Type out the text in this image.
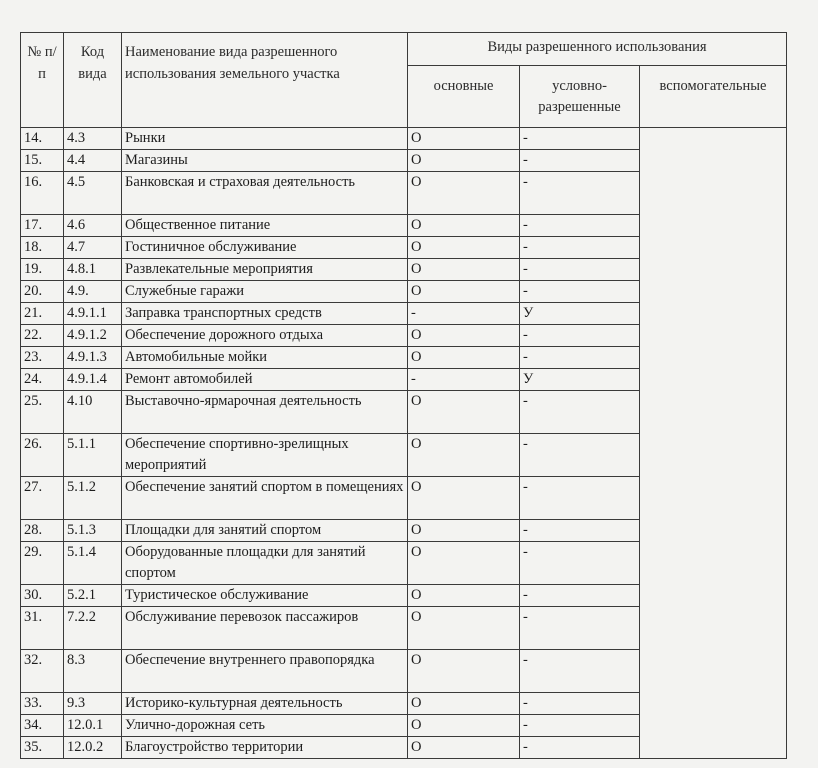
№ п/п	Код вида	Наименование вида разрешенного использования земельного участка	Виды разрешенного использования		
			основные	условно-разрешенные	вспомогательные
14.	4.3	Рынки	О	-	
15.	4.4	Магазины	О	-	
16.	4.5	Банковская и страховая деятельность	О	-	
17.	4.6	Общественное питание	О	-	
18.	4.7	Гостиничное обслуживание	О	-	
19.	4.8.1	Развлекательные мероприятия	О	-	
20.	4.9.	Служебные гаражи	О	-	
21.	4.9.1.1	Заправка транспортных средств	-	У	
22.	4.9.1.2	Обеспечение дорожного отдыха	О	-	
23.	4.9.1.3	Автомобильные мойки	О	-	
24.	4.9.1.4	Ремонт автомобилей	-	У	
25.	4.10	Выставочно-ярмарочная деятельность	О	-	
26.	5.1.1	Обеспечение спортивно-зрелищных мероприятий	О	-	
27.	5.1.2	Обеспечение занятий спортом в помещениях	О	-	
28.	5.1.3	Площадки для занятий спортом	О	-	
29.	5.1.4	Оборудованные площадки для занятий спортом	О	-	
30.	5.2.1	Туристическое обслуживание	О	-	
31.	7.2.2	Обслуживание перевозок пассажиров	О	-	
32.	8.3	Обеспечение внутреннего правопорядка	О	-	
33.	9.3	Историко-культурная деятельность	О	-	
34.	12.0.1	Улично-дорожная сеть	О	-	
35.	12.0.2	Благоустройство территории	О	-	
